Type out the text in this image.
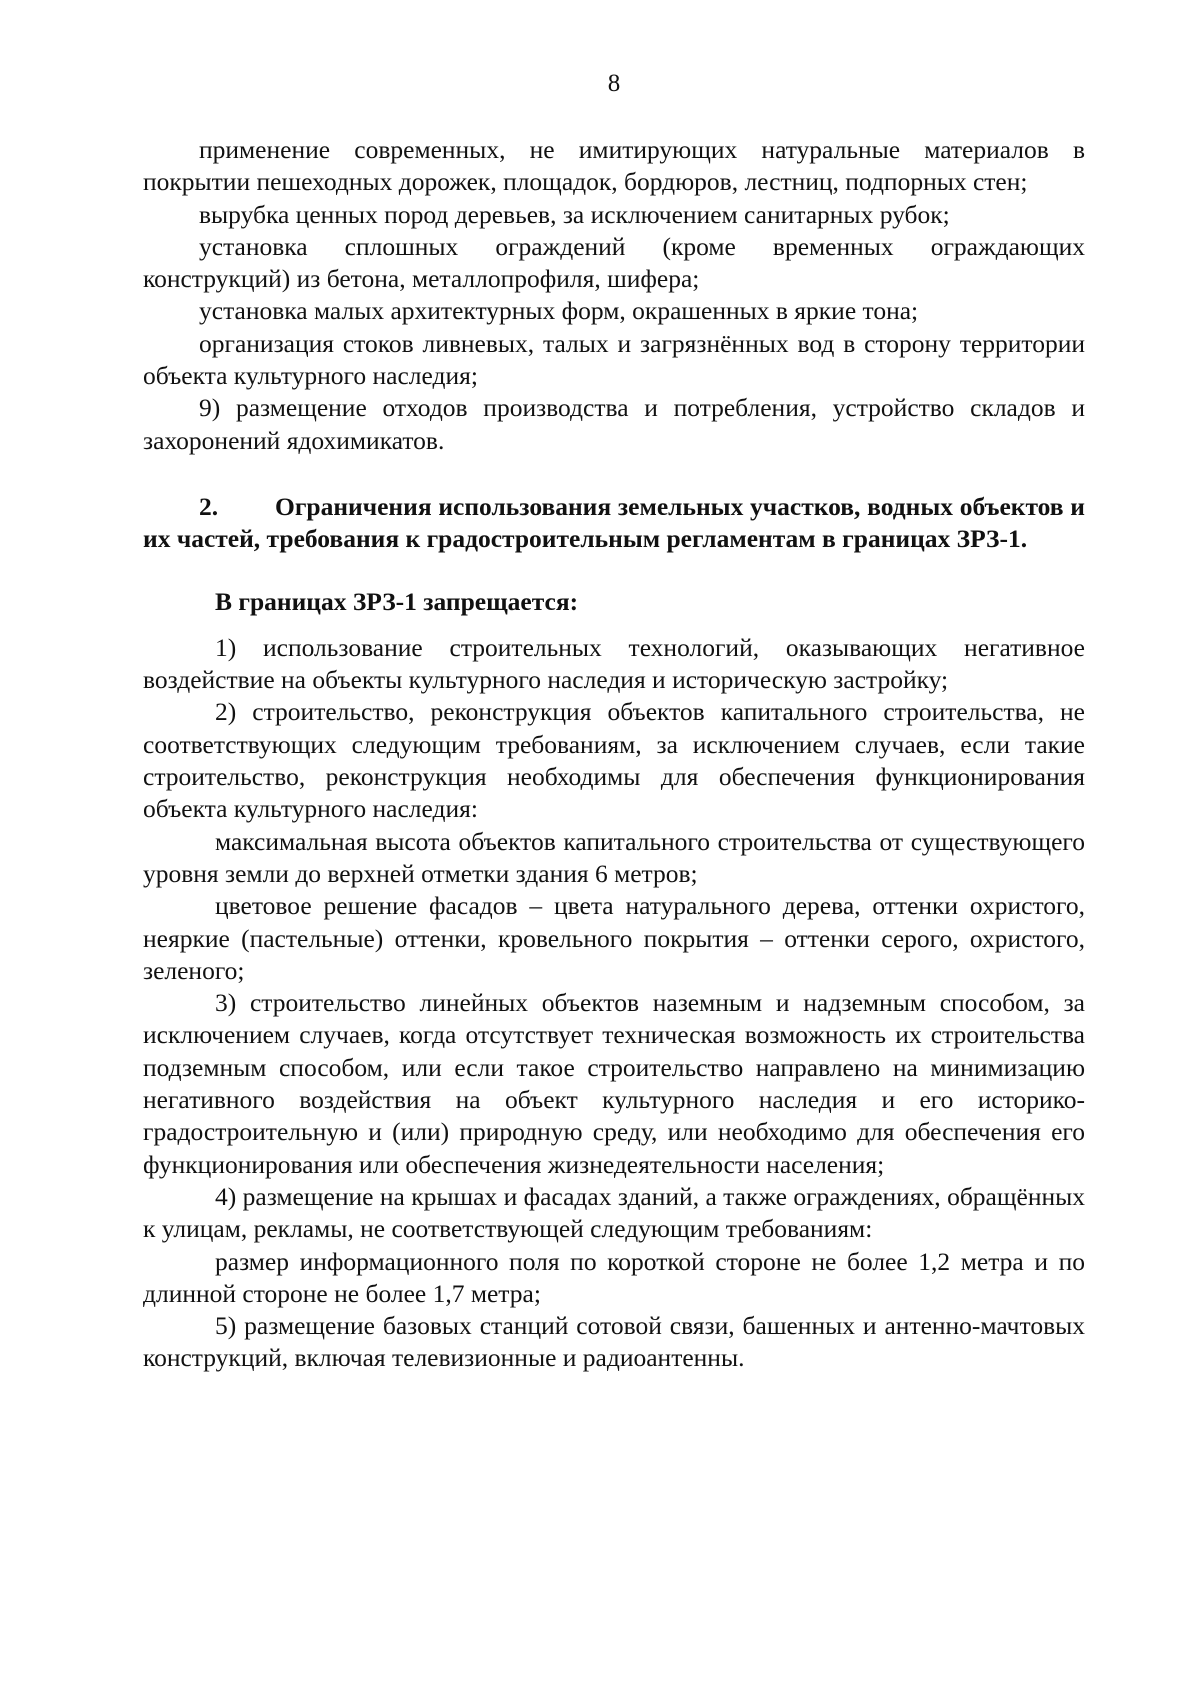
8

применение современных, не имитирующих натуральные материалов в покрытии пешеходных дорожек, площадок, бордюров, лестниц, подпорных стен;

вырубка ценных пород деревьев, за исключением санитарных рубок;

установка сплошных ограждений (кроме временных ограждающих конструкций) из бетона, металлопрофиля, шифера;

установка малых архитектурных форм, окрашенных в яркие тона;

организация стоков ливневых, талых и загрязнённых вод в сторону территории объекта культурного наследия;

9) размещение отходов производства и потребления, устройство складов и захоронений ядохимикатов.

2. Ограничения использования земельных участков, водных объектов и их частей, требования к градостроительным регламентам в границах ЗРЗ-1.

В границах ЗРЗ-1 запрещается:

1) использование строительных технологий, оказывающих негативное воздействие на объекты культурного наследия и историческую застройку;

2) строительство, реконструкция объектов капитального строительства, не соответствующих следующим требованиям, за исключением случаев, если такие строительство, реконструкция необходимы для обеспечения функционирования объекта культурного наследия:

максимальная высота объектов капитального строительства от существующего уровня земли до верхней отметки здания 6 метров;

цветовое решение фасадов – цвета натурального дерева, оттенки охристого, неяркие (пастельные) оттенки, кровельного покрытия – оттенки серого, охристого, зеленого;

3) строительство линейных объектов наземным и надземным способом, за исключением случаев, когда отсутствует техническая возможность их строительства подземным способом, или если такое строительство направлено на минимизацию негативного воздействия на объект культурного наследия и его историко-градостроительную и (или) природную среду, или необходимо для обеспечения его функционирования или обеспечения жизнедеятельности населения;

4) размещение на крышах и фасадах зданий, а также ограждениях, обращённых к улицам, рекламы, не соответствующей следующим требованиям:

размер информационного поля по короткой стороне не более 1,2 метра и по длинной стороне не более 1,7 метра;

5) размещение базовых станций сотовой связи, башенных и антенно-мачтовых конструкций, включая телевизионные и радиоантенны.
